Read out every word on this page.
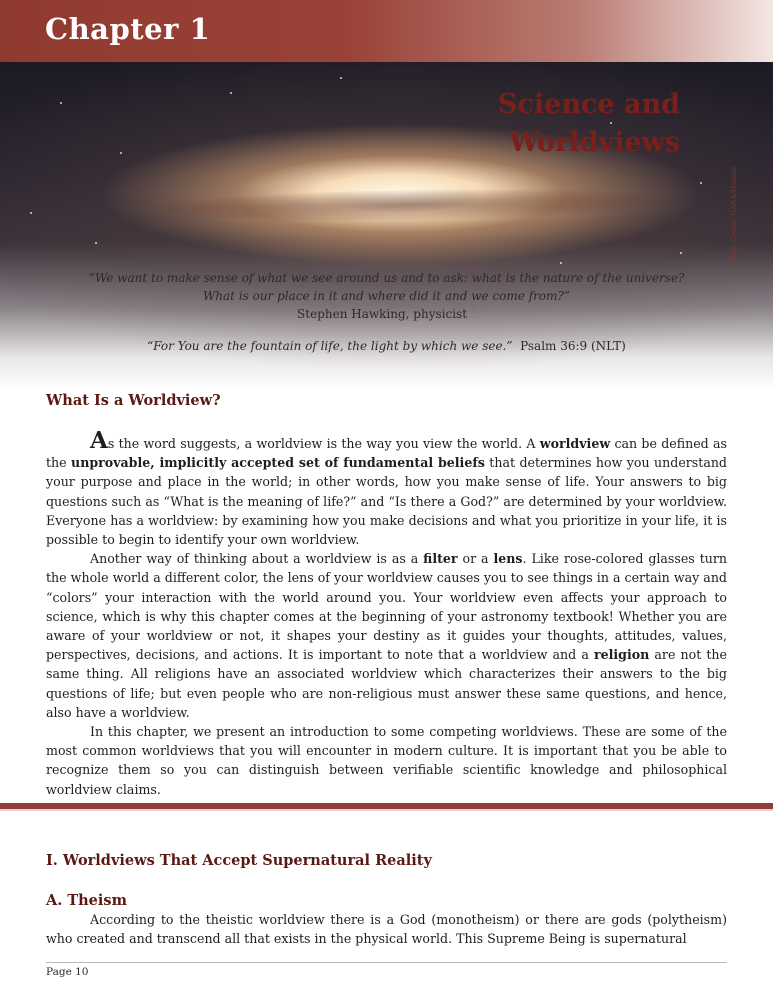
Chapter 1
Science and
Worldviews
Image Credit: NASA/Hubble
“We want to make sense of what we see around us and to ask: what is the nature of the universe?
What is our place in it and where did it and we come from?”
Stephen Hawking, physicist $^1$
“For You are the fountain of life, the light by which we see.” Psalm 36:9 (NLT)
What Is a Worldview?

As the word suggests, a worldview is the way you view the world. A worldview can be defined as the unprovable, implicitly accepted set of fundamental beliefs that determines how you understand your purpose and place in the world; in other words, how you make sense of life. Your answers to big questions such as “What is the meaning of life?” and “Is there a God?” are determined by your worldview. Everyone has a worldview: by examining how you make decisions and what you prioritize in your life, it is possible to begin to identify your own worldview.

Another way of thinking about a worldview is as a filter or a lens. Like rose-colored glasses turn the whole world a different color, the lens of your worldview causes you to see things in a certain way and “colors” your interaction with the world around you. Your worldview even affects your approach to science, which is why this chapter comes at the beginning of your astronomy textbook! Whether you are aware of your worldview or not, it shapes your destiny as it guides your thoughts, attitudes, values, perspectives, decisions, and actions. It is important to note that a worldview and a religion are not the same thing. All religions have an associated worldview which characterizes their answers to the big questions of life; but even people who are non-religious must answer these same questions, and hence, also have a worldview.

In this chapter, we present an introduction to some competing worldviews. These are some of the most common worldviews that you will encounter in modern culture. It is important that you be able to recognize them so you can distinguish between verifiable scientific knowledge and philosophical worldview claims.

I. Worldviews That Accept Supernatural Reality
A. Theism

According to the theistic worldview there is a God (monotheism) or there are gods (polytheism) who created and transcend all that exists in the physical world. This Supreme Being is supernatural

Page 10
